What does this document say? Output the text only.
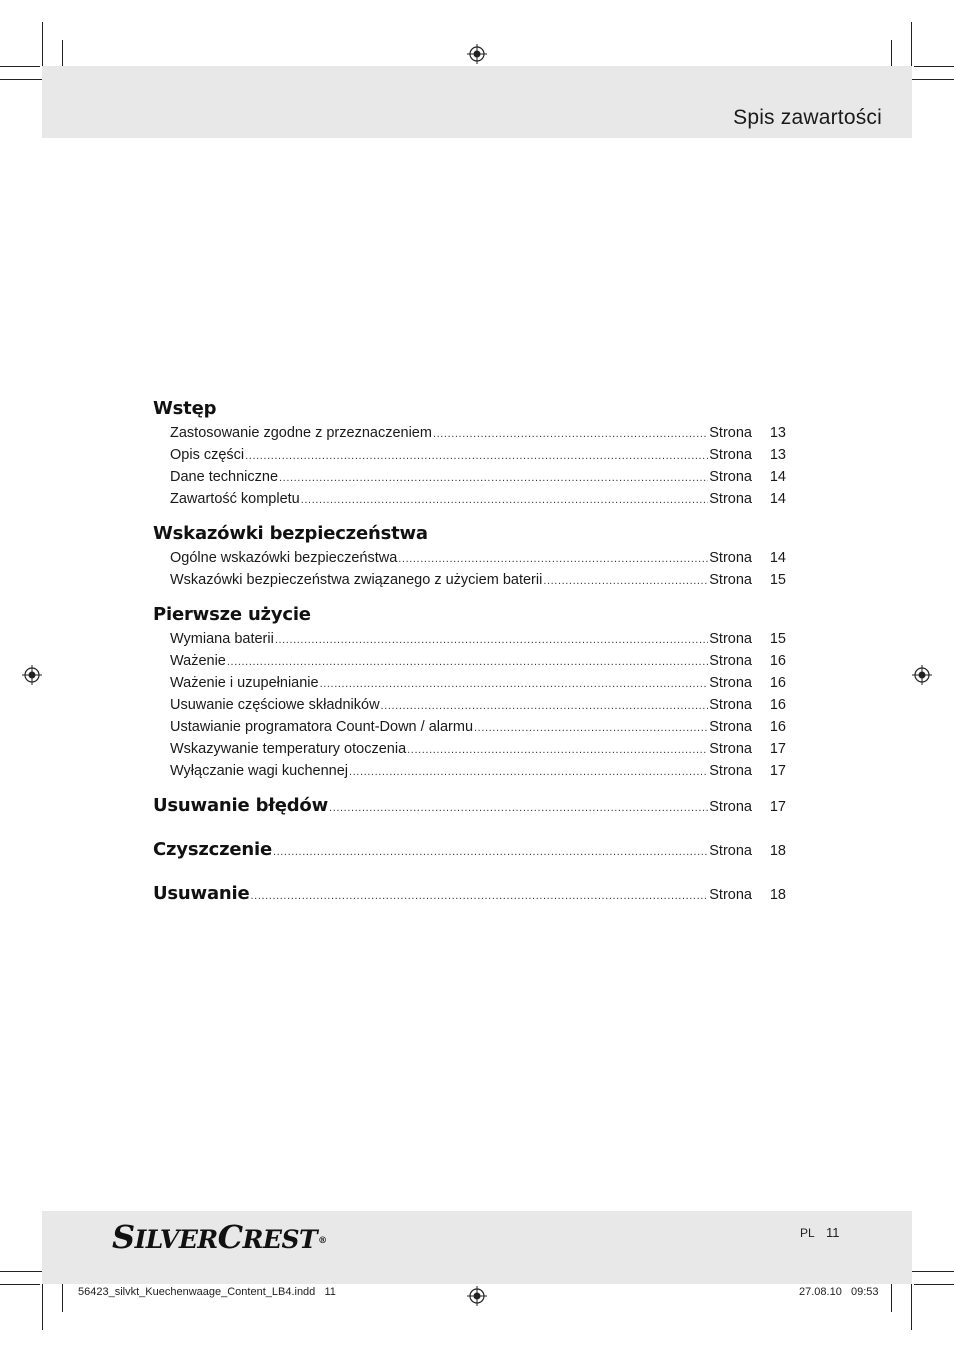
Spis zawartości
Wstęp
Zastosowanie zgodne z przeznaczeniem .....	Strona	13
Opis części .....	Strona	13
Dane techniczne .....	Strona	14
Zawartość kompletu .....	Strona	14
Wskazówki bezpieczeństwa
Ogólne wskazówki bezpieczeństwa .....	Strona	14
Wskazówki bezpieczeństwa związanego z użyciem baterii .....	Strona	15
Pierwsze użycie
Wymiana baterii .....	Strona	15
Ważenie .....	Strona	16
Ważenie i uzupełnianie .....	Strona	16
Usuwanie częściowe składników .....	Strona	16
Ustawianie programatora Count-Down / alarmu .....	Strona	16
Wskazywanie temperatury otoczenia .....	Strona	17
Wyłączanie wagi kuchennej .....	Strona	17
Usuwanie błędów .....	Strona	17
Czyszczenie .....	Strona	18
Usuwanie .....	Strona	18
SILVERCREST®
PL 11
56423_silvkt_Kuechenwaage_Content_LB4.indd   11	27.08.10   09:53
